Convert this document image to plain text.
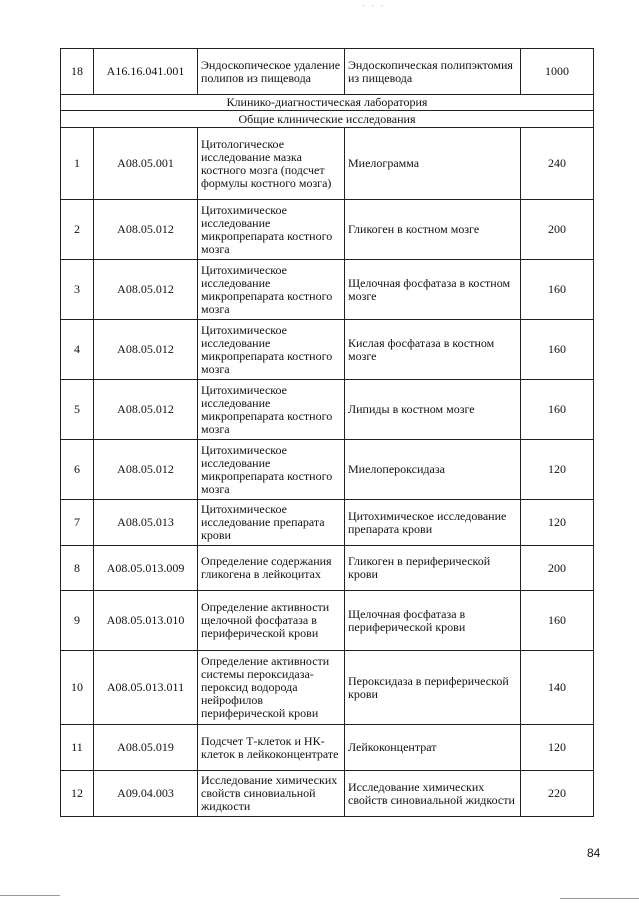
· · ·
18	А16.16.041.001	Эндоскопическое удаление полипов из пищевода	Эндоскопическая полипэктомия из пищевода	1000
Клинико-диагностическая лаборатория				
Общие клинические исследования				
1	А08.05.001	Цитологическое исследование мазка костного мозга (подсчет формулы костного мозга)	Миелограмма	240
2	А08.05.012	Цитохимическое исследование микропрепарата костного мозга	Гликоген в костном мозге	200
3	А08.05.012	Цитохимическое исследование микропрепарата костного мозга	Щелочная фосфатаза в костном мозге	160
4	А08.05.012	Цитохимическое исследование микропрепарата костного мозга	Кислая фосфатаза в костном мозге	160
5	А08.05.012	Цитохимическое исследование микропрепарата костного мозга	Липиды в костном мозге	160
6	А08.05.012	Цитохимическое исследование микропрепарата костного мозга	Миелопероксидаза	120
7	А08.05.013	Цитохимическое исследование препарата крови	Цитохимическое исследование препарата крови	120
8	А08.05.013.009	Определение содержания гликогена в лейкоцитах	Гликоген в периферической крови	200
9	А08.05.013.010	Определение активности щелочной фосфатаза в периферической крови	Щелочная фосфатаза в периферической крови	160
10	А08.05.013.011	Определение активности системы пероксидаза-пероксид водорода нейрофилов периферической крови	Пероксидаза в периферической крови	140
11	А08.05.019	Подсчет Т-клеток и НК-клеток в лейкоконцентрате	Лейкоконцентрат	120
12	А09.04.003	Исследование химических свойств синовиальной жидкости	Исследование химических свойств синовиальной жидкости	220
84
